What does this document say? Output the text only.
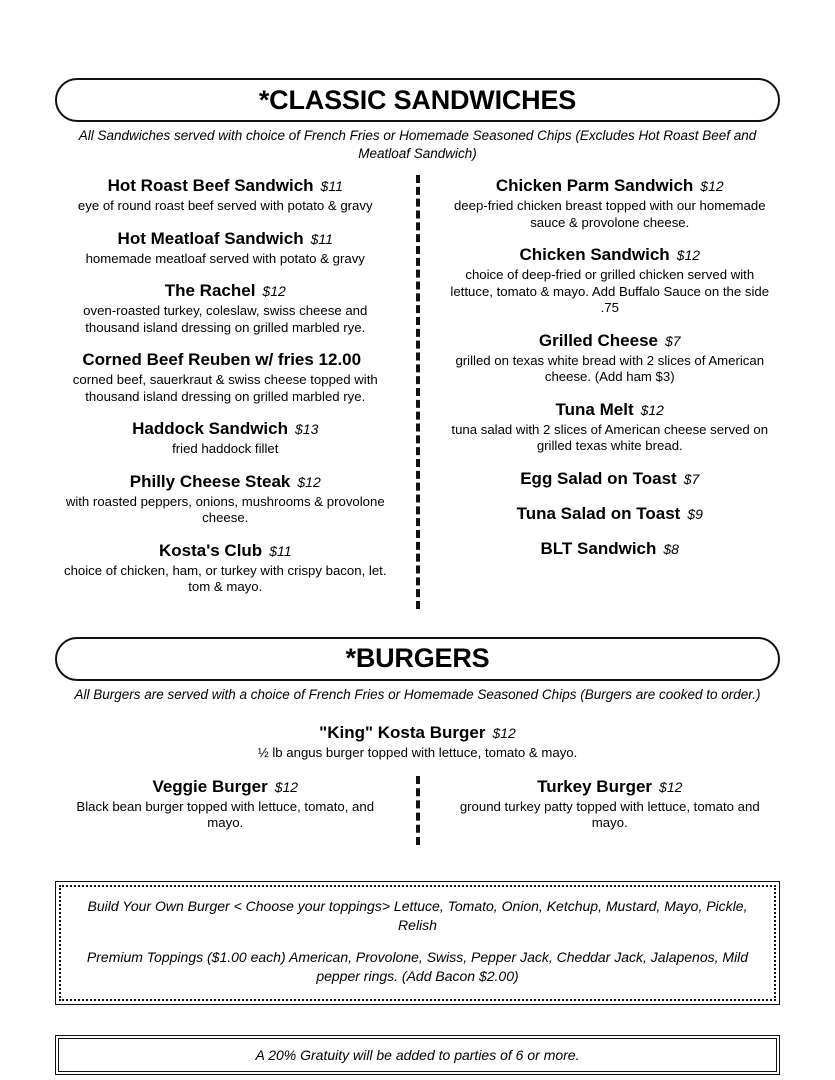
*CLASSIC SANDWICHES
All Sandwiches served with choice of French Fries or Homemade Seasoned Chips (Excludes Hot Roast Beef and Meatloaf Sandwich)
Hot Roast Beef Sandwich $11
eye of round roast beef served with potato & gravy
Hot Meatloaf Sandwich $11
homemade meatloaf served with potato & gravy
The Rachel $12
oven-roasted turkey, coleslaw, swiss cheese and thousand island dressing on grilled marbled rye.
Corned Beef Reuben w/ fries 12.00
corned beef, sauerkraut & swiss cheese topped with thousand island dressing on grilled marbled rye.
Haddock Sandwich $13
fried haddock fillet
Philly Cheese Steak $12
with roasted peppers, onions, mushrooms & provolone cheese.
Kosta's Club $11
choice of chicken, ham, or turkey with crispy bacon, let. tom & mayo.
Chicken Parm Sandwich $12
deep-fried chicken breast topped with our homemade sauce & provolone cheese.
Chicken Sandwich $12
choice of deep-fried or grilled chicken served with lettuce, tomato & mayo. Add Buffalo Sauce on the side .75
Grilled Cheese $7
grilled on texas white bread with 2 slices of American cheese. (Add ham $3)
Tuna Melt $12
tuna salad with 2 slices of American cheese served on grilled texas white bread.
Egg Salad on Toast $7
Tuna Salad on Toast $9
BLT Sandwich $8
*BURGERS
All Burgers are served with a choice of French Fries or Homemade Seasoned Chips (Burgers are cooked to order.)
"King" Kosta Burger $12
½ lb angus burger topped with lettuce, tomato & mayo.
Veggie Burger $12
Black bean burger topped with lettuce, tomato, and mayo.
Turkey Burger $12
ground turkey patty topped with lettuce, tomato and mayo.
Build Your Own Burger < Choose your toppings> Lettuce, Tomato, Onion, Ketchup, Mustard, Mayo, Pickle, Relish
Premium Toppings ($1.00 each) American, Provolone, Swiss, Pepper Jack, Cheddar Jack, Jalapenos, Mild pepper rings. (Add Bacon $2.00)
A 20% Gratuity will be added to parties of 6 or more.
